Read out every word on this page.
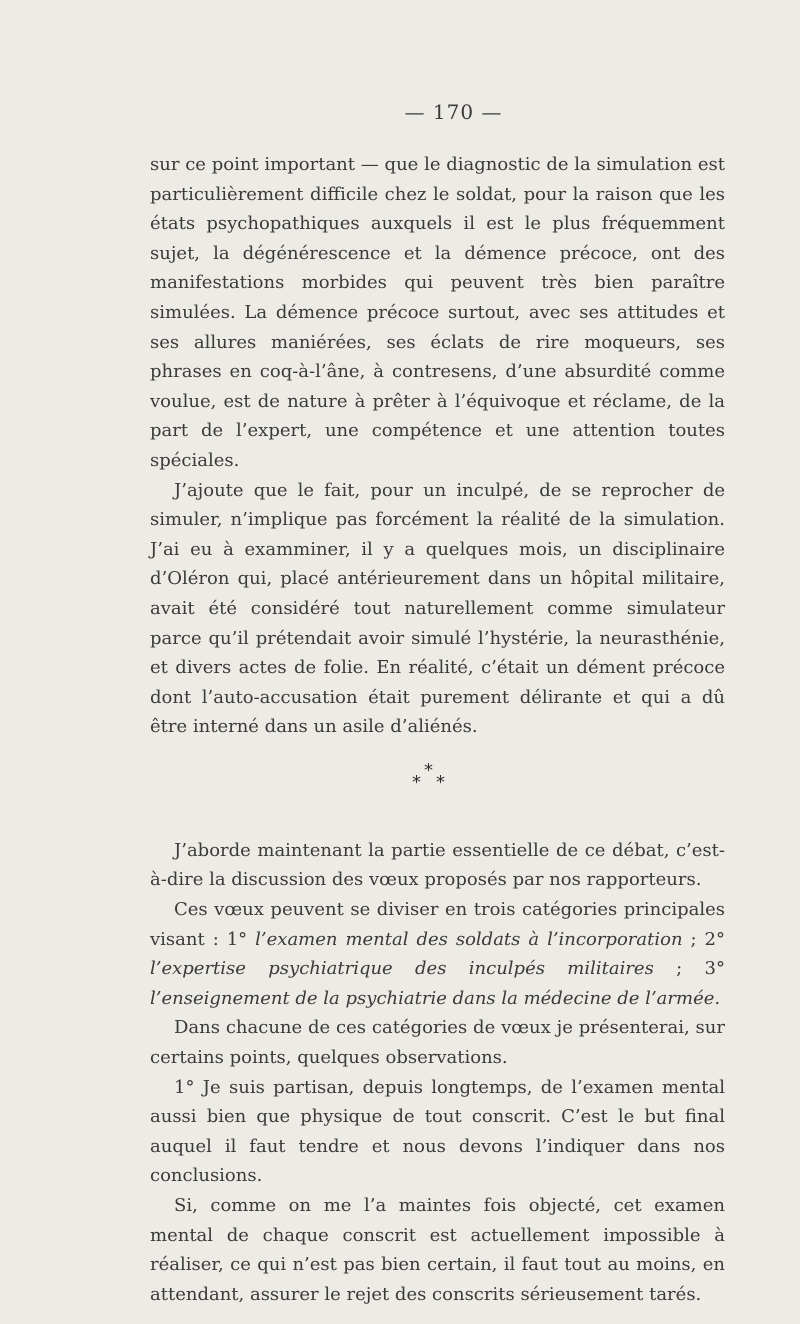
— 170 —

sur ce point important — que le diagnostic de la simulation est particulièrement difficile chez le soldat, pour la raison que les états psychopathiques auxquels il est le plus fréquemment sujet, la dégénérescence et la démence précoce, ont des manifestations morbides qui peuvent très bien paraître simulées. La démence précoce surtout, avec ses attitudes et ses allures maniérées, ses éclats de rire moqueurs, ses phrases en coq-à-l’âne, à contresens, d’une absurdité comme voulue, est de nature à prêter à l’équivoque et réclame, de la part de l’expert, une compétence et une attention toutes spéciales.

J’ajoute que le fait, pour un inculpé, de se reprocher de simuler, n’implique pas forcément la réalité de la simulation. J’ai eu à examminer, il y a quelques mois, un disciplinaire d’Oléron qui, placé antérieurement dans un hôpital militaire, avait été considéré tout naturellement comme simulateur parce qu’il prétendait avoir simulé l’hystérie, la neurasthénie, et divers actes de folie. En réalité, c’était un dément précoce dont l’auto-accusation était purement délirante et qui a dû être interné dans un asile d’aliénés.

*
* *

J’aborde maintenant la partie essentielle de ce débat, c’est-à-dire la discussion des vœux proposés par nos rapporteurs.

Ces vœux peuvent se diviser en trois catégories principales visant : 1° l’examen mental des soldats à l’incorporation ; 2° l’expertise psychiatrique des inculpés militaires ; 3° l’enseignement de la psychiatrie dans la médecine de l’armée.

Dans chacune de ces catégories de vœux je présenterai, sur certains points, quelques observations.

1° Je suis partisan, depuis longtemps, de l’examen mental aussi bien que physique de tout conscrit. C’est le but final auquel il faut tendre et nous devons l’indiquer dans nos conclusions.

Si, comme on me l’a maintes fois objecté, cet examen mental de chaque conscrit est actuellement impossible à réaliser, ce qui n’est pas bien certain, il faut tout au moins, en attendant, assurer le rejet des conscrits sérieusement tarés.
